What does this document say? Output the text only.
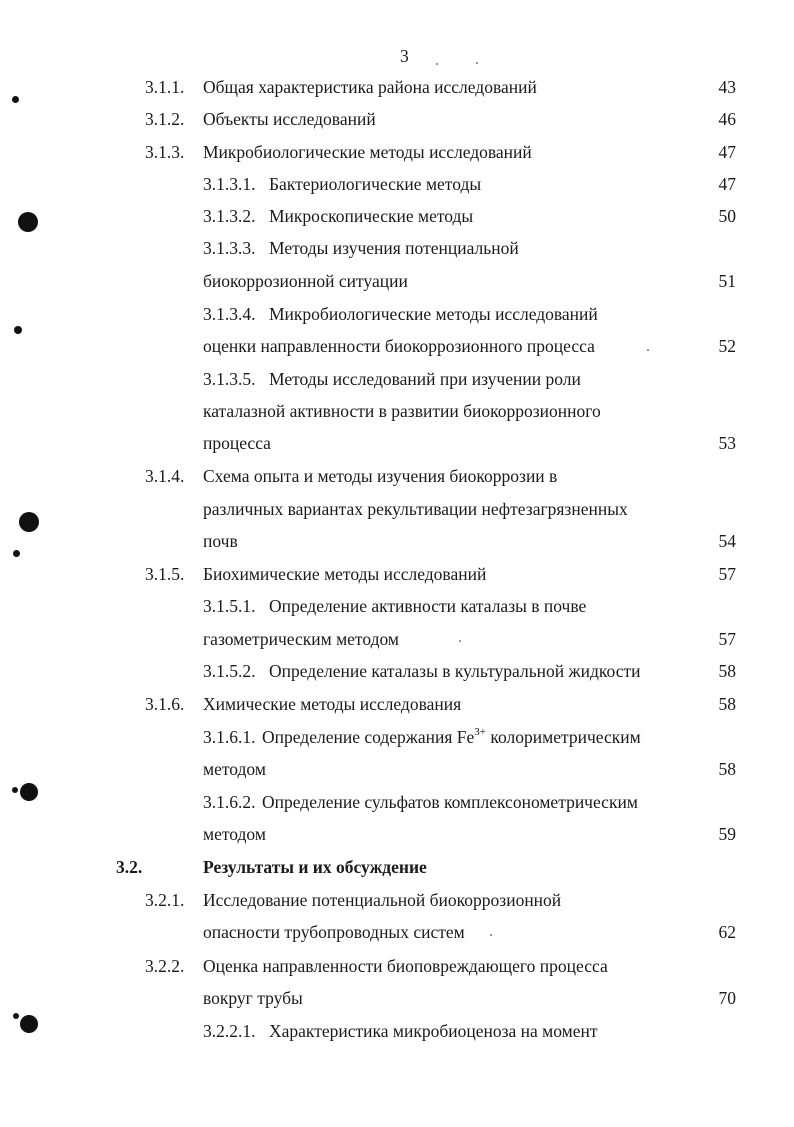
3
3.1.1. Общая характеристика района исследований	43
3.1.2. Объекты исследований	46
3.1.3. Микробиологические методы исследований	47
3.1.3.1. Бактериологические методы	47
3.1.3.2. Микроскопические методы	50
3.1.3.3. Методы изучения потенциальной
биокоррозионной ситуации	51
3.1.3.4. Микробиологические методы исследований
оценки направленности биокоррозионного процесса	52
3.1.3.5. Методы исследований при изучении роли
каталазной активности в развитии биокоррозионного
процесса	53
3.1.4. Схема опыта и методы изучения биокоррозии в
различных вариантах рекультивации нефтезагрязненных
почв	54
3.1.5. Биохимические методы исследований	57
3.1.5.1. Определение активности каталазы в почве
газометрическим методом	57
3.1.5.2. Определение каталазы в культуральной жидкости	58
3.1.6. Химические методы исследования	58
3.1.6.1. Определение содержания $Fe^{3+}$ колориметрическим
методом	58
3.1.6.2. Определение сульфатов комплексонометрическим
методом	59
3.2.	Результаты и их обсуждение
3.2.1. Исследование потенциальной биокоррозионной
опасности трубопроводных систем	62
3.2.2. Оценка направленности биоповреждающего процесса
вокруг трубы	70
3.2.2.1. Характеристика микробиоценоза на момент
